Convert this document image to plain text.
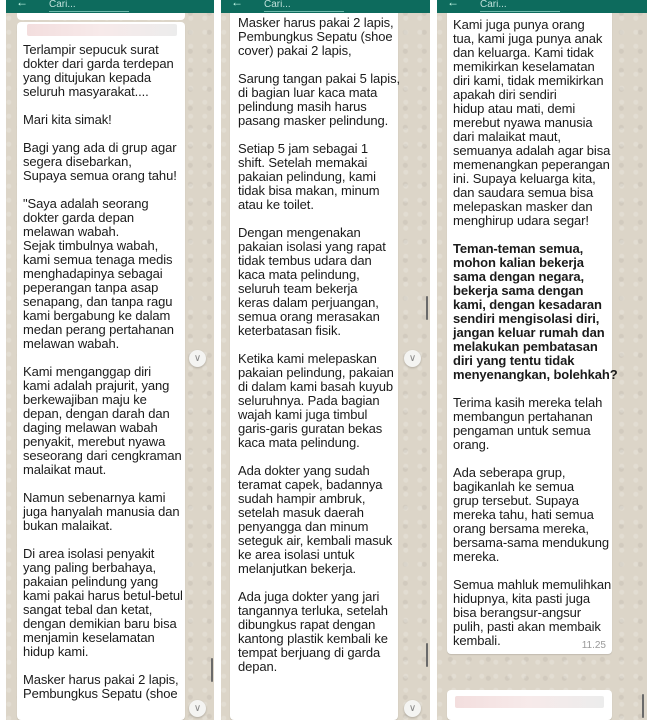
Terlampir sepucuk surat
dokter dari garda terdepan
yang ditujukan kepada
seluruh masyarakat....
Mari kita simak!
Bagi yang ada di grup agar
segera disebarkan,
Supaya semua orang tahu!
"Saya adalah seorang
dokter garda depan
melawan wabah.
Sejak timbulnya wabah,
kami semua tenaga medis
menghadapinya sebagai
peperangan tanpa asap
senapang, dan tanpa ragu
kami bergabung ke dalam
medan perang pertahanan
melawan wabah.
Kami menganggap diri
kami adalah prajurit, yang
berkewajiban maju ke
depan, dengan darah dan
daging melawan wabah
penyakit, merebut nyawa
seseorang dari cengkraman
malaikat maut.
Namun sebenarnya kami
juga hanyalah manusia dan
bukan malaikat.
Di area isolasi penyakit
yang paling berbahaya,
pakaian pelindung yang
kami pakai harus betul-betul
sangat tebal dan ketat,
dengan demikian baru bisa
menjamin keselamatan
hidup kami.
Masker harus pakai 2 lapis,
Pembungkus Sepatu (shoe
← Cari...
∨
∨
Masker harus pakai 2 lapis,
Pembungkus Sepatu (shoe
cover) pakai 2 lapis,
Sarung tangan pakai 5 lapis,
di bagian luar kaca mata
pelindung masih harus
pasang masker pelindung.
Setiap 5 jam sebagai 1
shift. Setelah memakai
pakaian pelindung, kami
tidak bisa makan, minum
atau ke toilet.
Dengan mengenakan
pakaian isolasi yang rapat
tidak tembus udara dan
kaca mata pelindung,
seluruh team bekerja
keras dalam perjuangan,
semua orang merasakan
keterbatasan fisik.
Ketika kami melepaskan
pakaian pelindung, pakaian
di dalam kami basah kuyub
seluruhnya. Pada bagian
wajah kami juga timbul
garis-garis guratan bekas
kaca mata pelindung.
Ada dokter yang sudah
teramat capek, badannya
sudah hampir ambruk,
setelah masuk daerah
penyangga dan minum
seteguk air, kembali masuk
ke area isolasi untuk
melanjutkan bekerja.
Ada juga dokter yang jari
tangannya terluka, setelah
dibungkus rapat dengan
kantong plastik kembali ke
tempat berjuang di garda
depan.
← Cari...
∨
∨
Kami juga punya orang
tua, kami juga punya anak
dan keluarga. Kami tidak
memikirkan keselamatan
diri kami, tidak memikirkan
apakah diri sendiri
hidup atau mati, demi
merebut nyawa manusia
dari malaikat maut,
semuanya adalah agar bisa
memenangkan peperangan
ini. Supaya keluarga kita,
dan saudara semua bisa
melepaskan masker dan
menghirup udara segar!
Teman-teman semua,
mohon kalian bekerja
sama dengan negara,
bekerja sama dengan
kami, dengan kesadaran
sendiri mengisolasi diri,
jangan keluar rumah dan
melakukan pembatasan
diri yang tentu tidak
menyenangkan, bolehkah?
Terima kasih mereka telah
membangun pertahanan
pengaman untuk semua
orang.
Ada seberapa grup,
bagikanlah ke semua
grup tersebut. Supaya
mereka tahu, hati semua
orang bersama mereka,
bersama-sama mendukung
mereka.
Semua mahluk memulihkan
hidupnya, kita pasti juga
bisa berangsur-angsur
pulih, pasti akan membaik
kembali.	11.25
← Cari...
